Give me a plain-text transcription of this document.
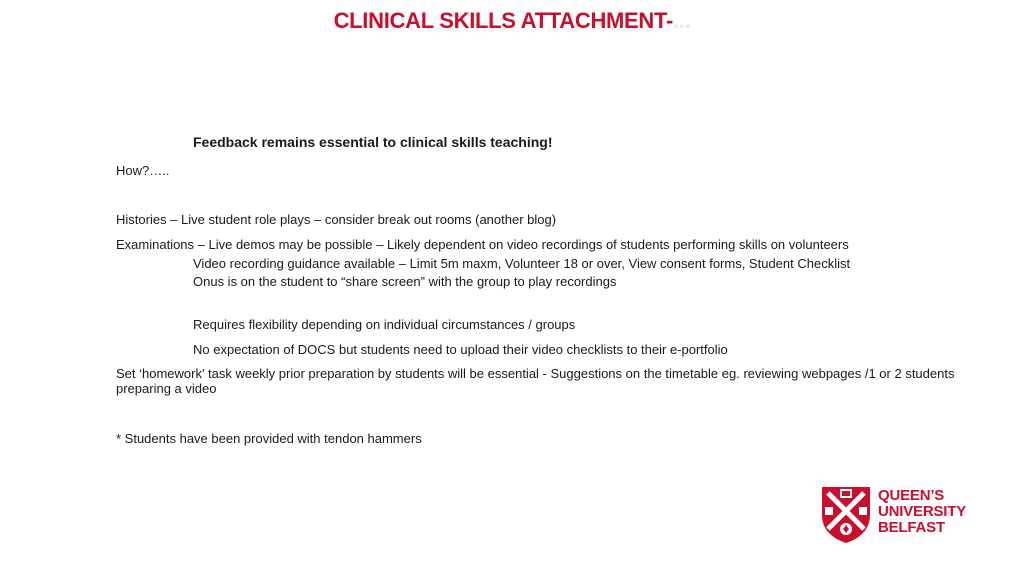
CLINICAL SKILLS ATTACHMENT-...
Feedback remains essential to clinical skills teaching!
How?…..
Histories – Live student role plays – consider break out rooms (another blog)
Examinations – Live demos may be possible – Likely dependent on video recordings of students performing skills on volunteers
Video recording guidance available – Limit 5m maxm, Volunteer 18 or over, View consent forms, Student Checklist
Onus is on the student to “share screen” with the group to play recordings
Requires flexibility depending on individual circumstances / groups
No expectation of DOCS but students need to upload their video checklists to their e-portfolio
Set ‘homework’ task weekly prior preparation by students will be essential - Suggestions on the timetable eg. reviewing webpages /1 or 2 students preparing a video
* Students have been provided with tendon hammers
QUEEN’S
UNIVERSITY
BELFAST
